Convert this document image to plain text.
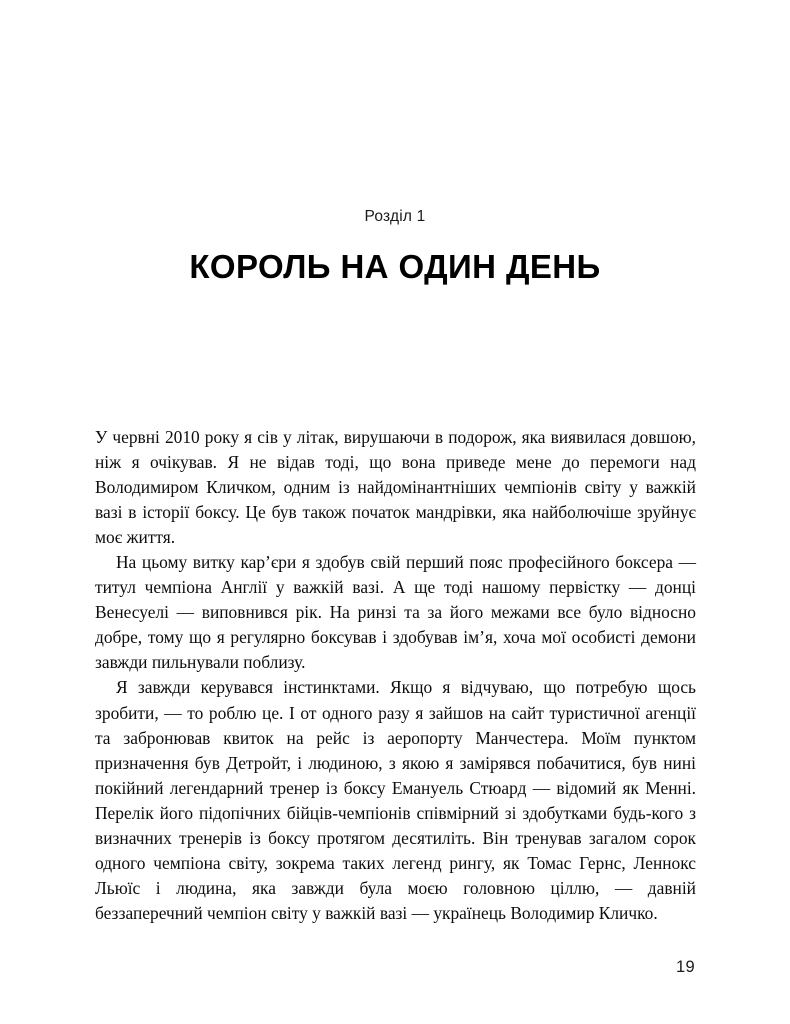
Розділ 1
КОРОЛЬ НА ОДИН ДЕНЬ

У червні 2010 року я сів у літак, вирушаючи в подорож, яка виявилася довшою, ніж я очікував. Я не відав тоді, що вона приведе мене до перемоги над Володимиром Кличком, одним із найдомінантніших чемпіонів світу у важкій вазі в історії боксу. Це був також початок мандрівки, яка найболючіше зруйнує моє життя.

На цьому витку кар’єри я здобув свій перший пояс професійного боксера — титул чемпіона Англії у важкій вазі. А ще тоді нашому первістку — донці Венесуелі — виповнився рік. На ринзі та за його межами все було відносно добре, тому що я регулярно боксував і здобував ім’я, хоча мої особисті демони завжди пильнували поблизу.

Я завжди керувався інстинктами. Якщо я відчуваю, що потребую щось зробити, — то роблю це. І от одного разу я зайшов на сайт туристичної агенції та забронював квиток на рейс із аеропорту Манчестера. Моїм пунктом призначення був Детройт, і людиною, з якою я замірявся побачитися, був нині покійний легендарний тренер із боксу Емануель Стюард — відомий як Менні. Перелік його підопічних бійців-чемпіонів співмірний зі здобутками будь-кого з визначних тренерів із боксу протягом десятиліть. Він тренував загалом сорок одного чемпіона світу, зокрема таких легенд рингу, як Томас Гернс, Леннокс Льюїс і людина, яка завжди була моєю головною ціллю, — давній беззаперечний чемпіон світу у важкій вазі — українець Володимир Кличко.

19
